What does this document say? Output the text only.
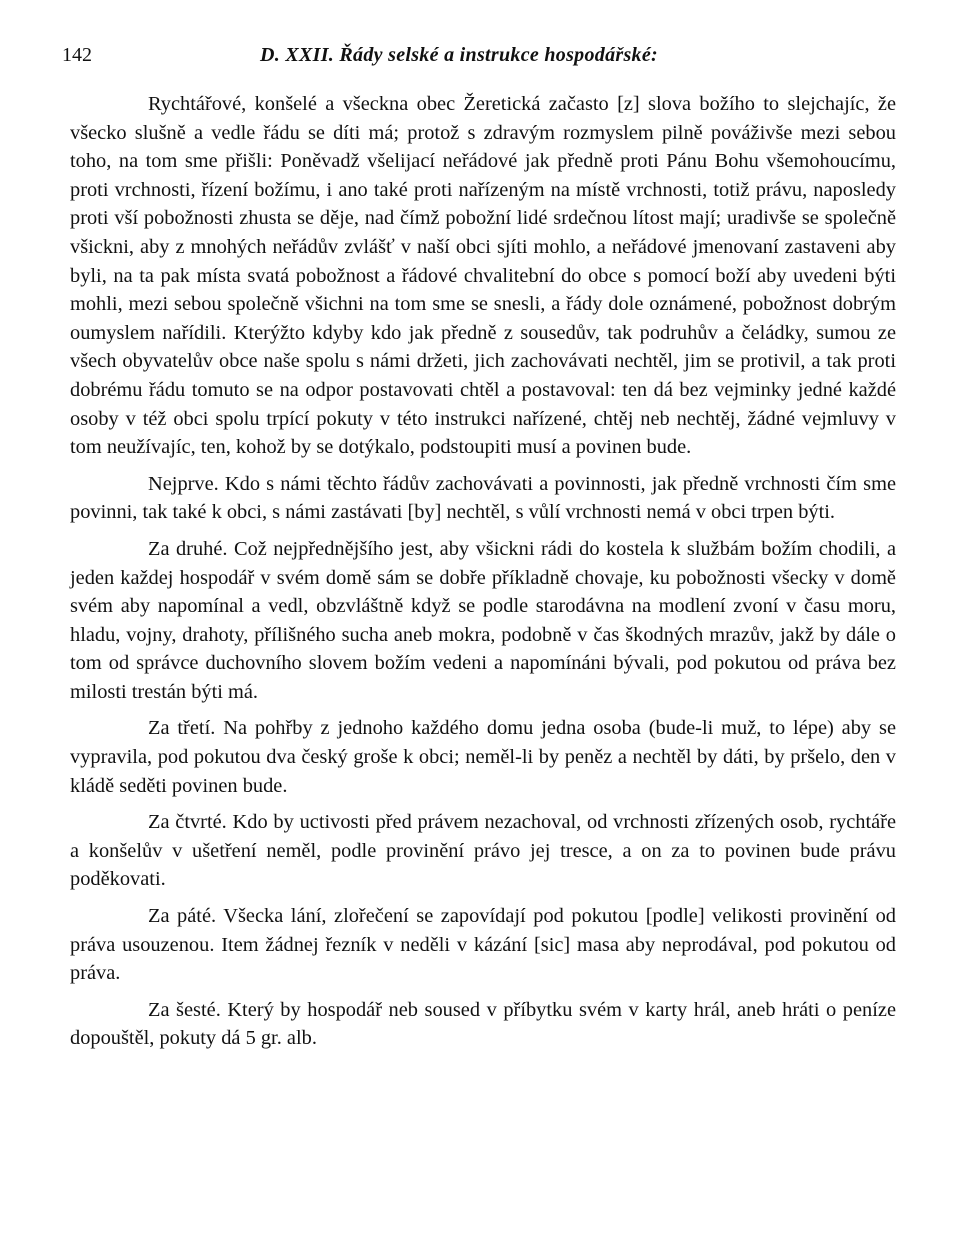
142	D. XXII. Řády selské a instrukce hospodářské:

Rychtářové, konšelé a všeckna obec Žeretická začasto [z] slova božího to slejchajíc, že všecko slušně a vedle řádu se díti má; protož s zdravým rozmyslem pilně pováživše mezi sebou toho, na tom sme přišli: Poněvadž všelijací neřádové jak předně proti Pánu Bohu všemohoucímu, proti vrchnosti, řízení božímu, i ano také proti nařízeným na místě vrchnosti, totiž právu, naposledy proti vší pobožnosti zhusta se děje, nad čímž pobožní lidé srdečnou lítost mají; uradivše se společně všickni, aby z mnohých neřádův zvlášť v naší obci sjíti mohlo, a neřádové jmenovaní zastaveni aby byli, na ta pak místa svatá pobožnost a řádové chvalitební do obce s pomocí boží aby uvedeni býti mohli, mezi sebou společně všichni na tom sme se snesli, a řády dole oznámené, pobožnost dobrým oumyslem nařídili. Kterýžto kdyby kdo jak předně z sousedův, tak podruhův a čeládky, sumou ze všech obyvatelův obce naše spolu s námi držeti, jich zachovávati nechtěl, jim se protivil, a tak proti dobrému řádu tomuto se na odpor postavovati chtěl a postavoval: ten dá bez vejminky jedné každé osoby v též obci spolu trpící pokuty v této instrukci nařízené, chtěj neb nechtěj, žádné vejmluvy v tom neužívajíc, ten, kohož by se dotýkalo, podstoupiti musí a povinen bude.

Nejprve. Kdo s námi těchto řádův zachovávati a povinnosti, jak předně vrchnosti čím sme povinni, tak také k obci, s námi zastávati [by] nechtěl, s vůlí vrchnosti nemá v obci trpen býti.

Za druhé. Což nejpřednějšího jest, aby všickni rádi do kostela k službám božím chodili, a jeden každej hospodář v svém domě sám se dobře příkladně chovaje, ku pobožnosti všecky v domě svém aby napomínal a vedl, obzvláštně když se podle starodávna na modlení zvoní v času moru, hladu, vojny, drahoty, přílišného sucha aneb mokra, podobně v čas škodných mrazův, jakž by dále o tom od správce duchovního slovem božím vedeni a napomínáni bývali, pod pokutou od práva bez milosti trestán býti má.

Za třetí. Na pohřby z jednoho každého domu jedna osoba (bude-li muž, to lépe) aby se vypravila, pod pokutou dva český groše k obci; neměl-li by peněz a nechtěl by dáti, by pršelo, den v kládě seděti povinen bude.

Za čtvrté. Kdo by uctivosti před právem nezachoval, od vrchnosti zřízených osob, rychtáře a konšelův v ušetření neměl, podle provinění právo jej tresce, a on za to povinen bude právu poděkovati.

Za páté. Všecka lání, zlořečení se zapovídají pod pokutou [podle] velikosti provinění od práva usouzenou. Item žádnej řezník v neděli v kázání [sic] masa aby neprodával, pod pokutou od práva.

Za šesté. Který by hospodář neb soused v příbytku svém v karty hrál, aneb hráti o peníze dopouštěl, pokuty dá 5 gr. alb.
